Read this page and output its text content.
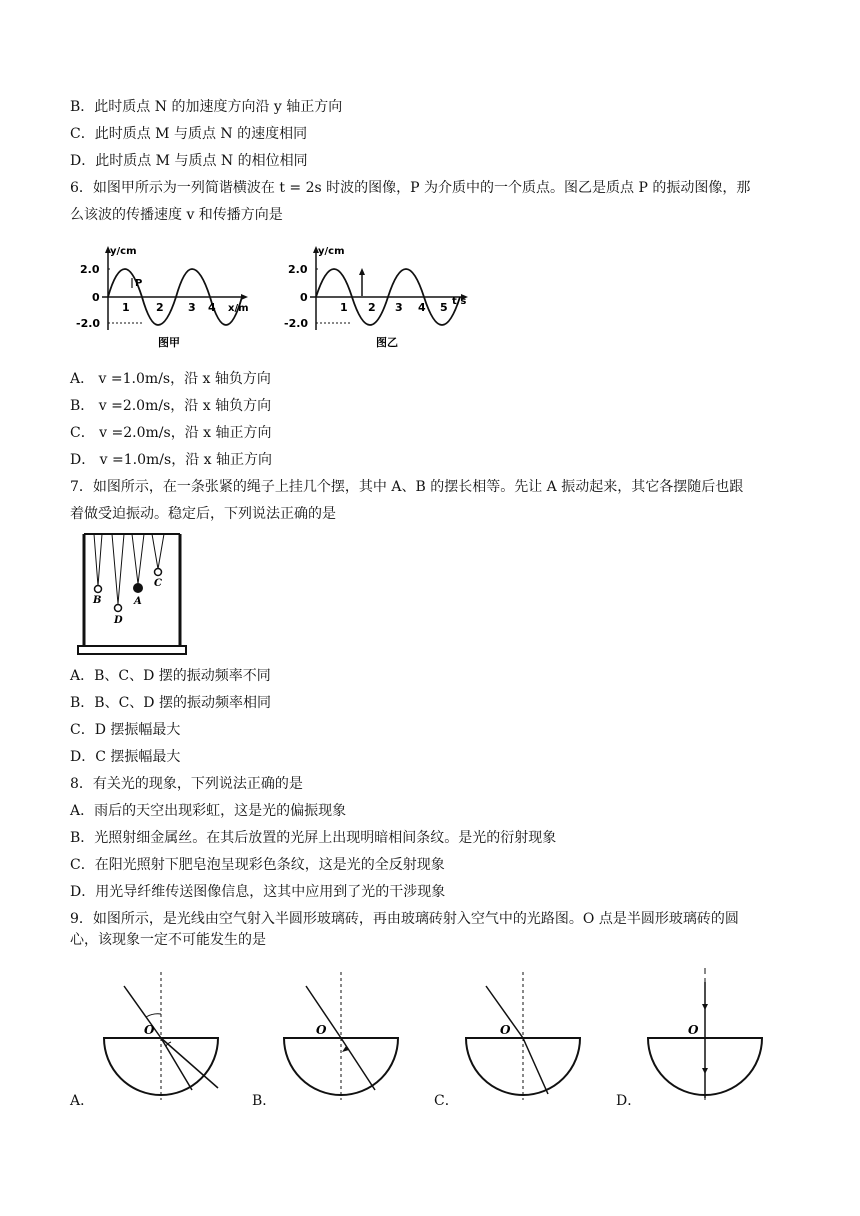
B．此时质点 N 的加速度方向沿 y 轴正方向
C．此时质点 M 与质点 N 的速度相同
D．此时质点 M 与质点 N 的相位相同
6．如图甲所示为一列简谐横波在 t = 2s 时波的图像，P 为介质中的一个质点。图乙是质点 P 的振动图像，那
么该波的传播速度 v 和传播方向是
y/cm
2.0
0
-2.0
P
1 2 3 4 x/m
图甲
y/cm
2.0
0
-2.0
1 2 3 4 5 t/s
图乙
A． v =1.0m/s，沿 x 轴负方向
B． v =2.0m/s，沿 x 轴负方向
C． v =2.0m/s，沿 x 轴正方向
D． v =1.0m/s，沿 x 轴正方向
7．如图所示，在一条张紧的绳子上挂几个摆，其中 A、B 的摆长相等。先让 A 振动起来，其它各摆随后也跟
着做受迫振动。稳定后，下列说法正确的是
B
D
A
C
A．B、C、D 摆的振动频率不同
B．B、C、D 摆的振动频率相同
C．D 摆振幅最大
D．C 摆振幅最大
8．有关光的现象，下列说法正确的是
A．雨后的天空出现彩虹，这是光的偏振现象
B．光照射细金属丝。在其后放置的光屏上出现明暗相间条纹。是光的衍射现象
C．在阳光照射下肥皂泡呈现彩色条纹，这是光的全反射现象
D．用光导纤维传送图像信息，这其中应用到了光的干涉现象
9．如图所示，是光线由空气射入半圆形玻璃砖，再由玻璃砖射入空气中的光路图。O 点是半圆形玻璃砖的圆
心，该现象一定不可能发生的是
O
A．
O
B．
O
C．
O
D．
